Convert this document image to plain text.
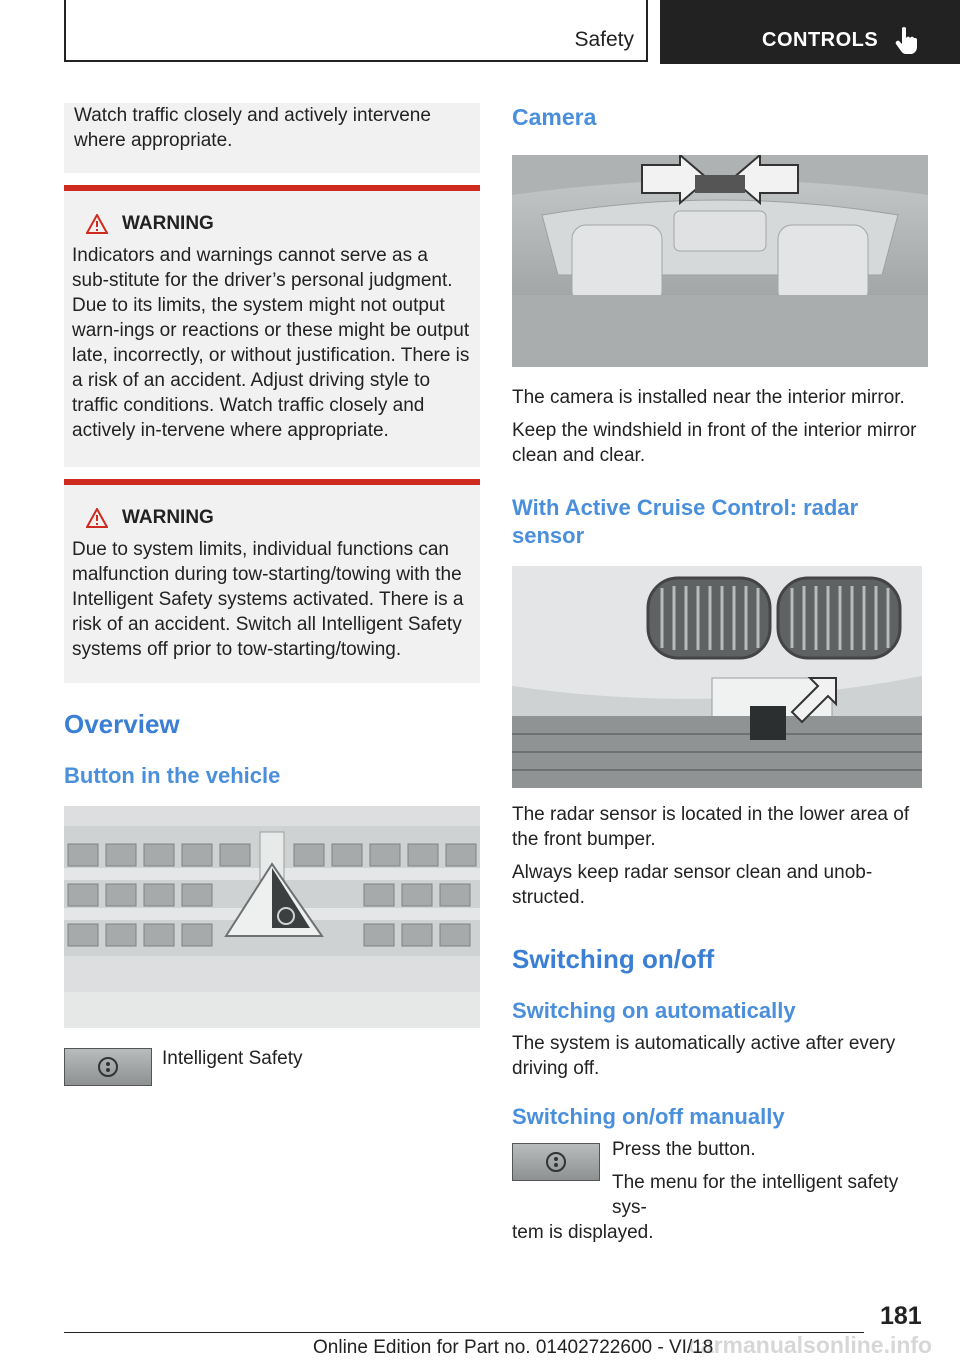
Safety	CONTROLS

Watch traffic closely and actively intervene where appropriate.

WARNING

Indicators and warnings cannot serve as a sub-stitute for the driver’s personal judgment. Due to its limits, the system might not output warn-ings or reactions or these might be output late, incorrectly, or without justification. There is a risk of an accident. Adjust driving style to traffic conditions. Watch traffic closely and actively in-tervene where appropriate.

WARNING

Due to system limits, individual functions can malfunction during tow-starting/towing with the Intelligent Safety systems activated. There is a risk of an accident. Switch all Intelligent Safety systems off prior to tow-starting/towing.

Overview
Button in the vehicle
Intelligent Safety
Camera

The camera is installed near the interior mirror.

Keep the windshield in front of the interior mirror clean and clear.

With Active Cruise Control: radar sensor

The radar sensor is located in the lower area of the front bumper.

Always keep radar sensor clean and unob-structed.

Switching on/off
Switching on automatically

The system is automatically active after every driving off.

Switching on/off manually

Press the button.

The menu for the intelligent safety sys-

tem is displayed.

181
carmanualsonline.info
Online Edition for Part no. 01402722600 - VI/18
